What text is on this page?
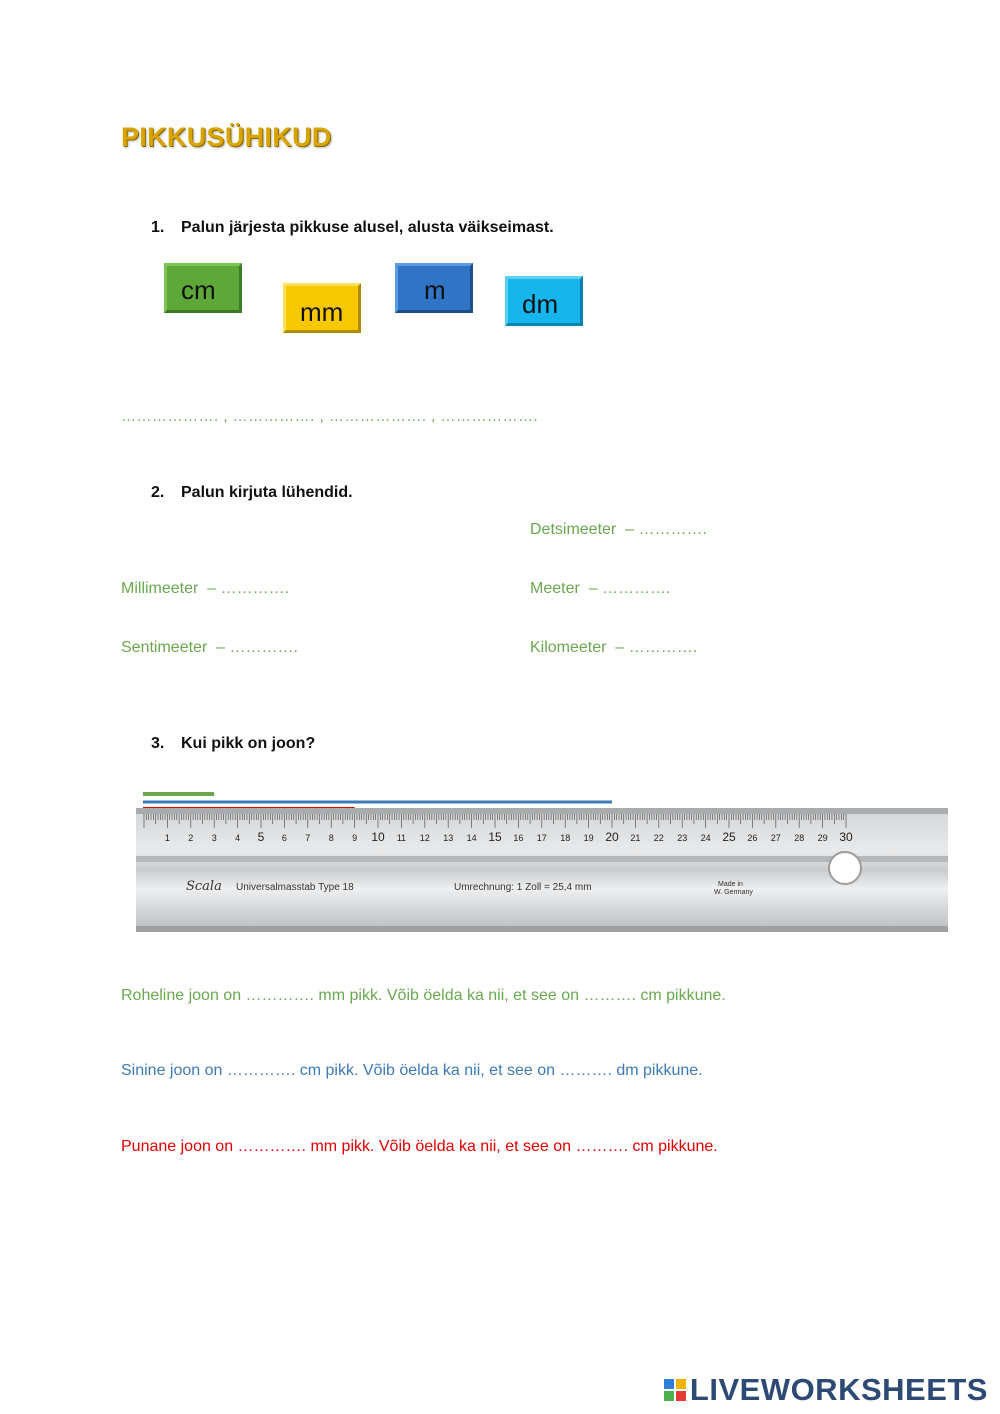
PIKKUSÜHIKUD
1. Palun järjesta pikkuse alusel, alusta väikseimast.
cm
mm
m	dm
………………. , ……………. , ………………. , ……………….
2. Palun kirjuta lühendid.
Detsimeeter – ………….
Millimeeter – ………….	Meeter – ………….
Sentimeeter – ………….	Kilomeeter – ………….
3. Kui pikk on joon?
1 2 3 4 5 6 7 8 9 10 11 12 13 14 15 16 17 18 19 20 21 22 23 24 25 26 27 28 29 30
Scala Universalmasstab Type 18	Umrechnung: 1 Zoll = 25,4 mm	Made in
W. Germany
Roheline joon on …………. mm pikk. Võib öelda ka nii, et see on ………. cm pikkune.
Sinine joon on …………. cm pikk. Võib öelda ka nii, et see on ………. dm pikkune.
Punane joon on …………. mm pikk. Võib öelda ka nii, et see on ………. cm pikkune.
LIVEWORKSHEETS
